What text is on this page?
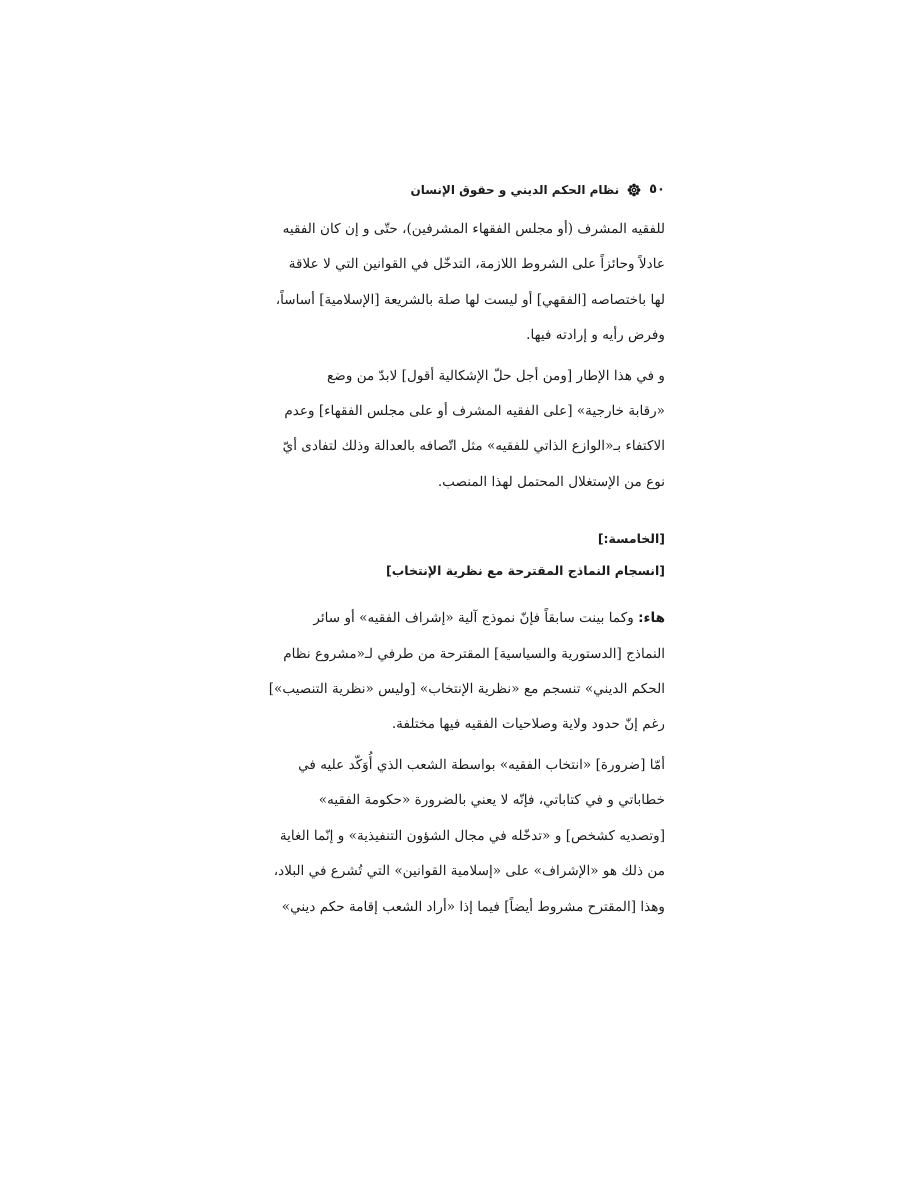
٥٠
نظام الحكم الديني و حقوق الإنسان

للفقيه المشرف (أو مجلس الفقهاء المشرفين)، حتّى و إن كان الفقيه
عادلاً وحائزاً على الشروط اللازمة، التدخّل في القوانين التي لا علاقة
لها باختصاصه [الفقهي] أو ليست لها صلة بالشريعة [الإسلامية] أساساً،
وفرض رأيه و إرادته فيها.

و في هذا الإطار [ومن أجل حلّ الإشكالية أقول] لابدّ من وضع
«رقابة خارجية» [على الفقيه المشرف أو على مجلس الفقهاء] وعدم
الاكتفاء بـ«الوازع الذاتي للفقيه» مثل اتّصافه بالعدالة وذلك لتفادى أيّ
نوع من الإستغلال المحتمل لهذا المنصب.

[الخامسة:]
[انسجام النماذج المقترحة مع نظرية الإنتخاب]

هاء: وكما بينت سابقاً فإنّ نموذج آلية «إشراف الفقيه» أو سائر
النماذج [الدستورية والسياسية] المقترحة من طرفي لـ«مشروع نظام
الحكم الديني» تنسجم مع «نظرية الإنتخاب» [وليس «نظرية التنصيب»]
رغم إنّ حدود ولاية وصلاحيات الفقيه فيها مختلفة.

أمّا [ضرورة] «انتخاب الفقيه» بواسطة الشعب الذي أُوَكّد عليه في
خطاباتي و في كتاباتي، فإنّه لا يعني بالضرورة «حكومة الفقيه»
[وتصديه كشخص] و «تدخّله في مجال الشؤون التنفيذية» و إنّما الغاية
من ذلك هو «الإشراف» على «إسلامية القوانين» التي تُشرع في البلاد،
وهذا [المقترح مشروط أيضاً] فيما إذا «أراد الشعب إقامة حكم ديني»
